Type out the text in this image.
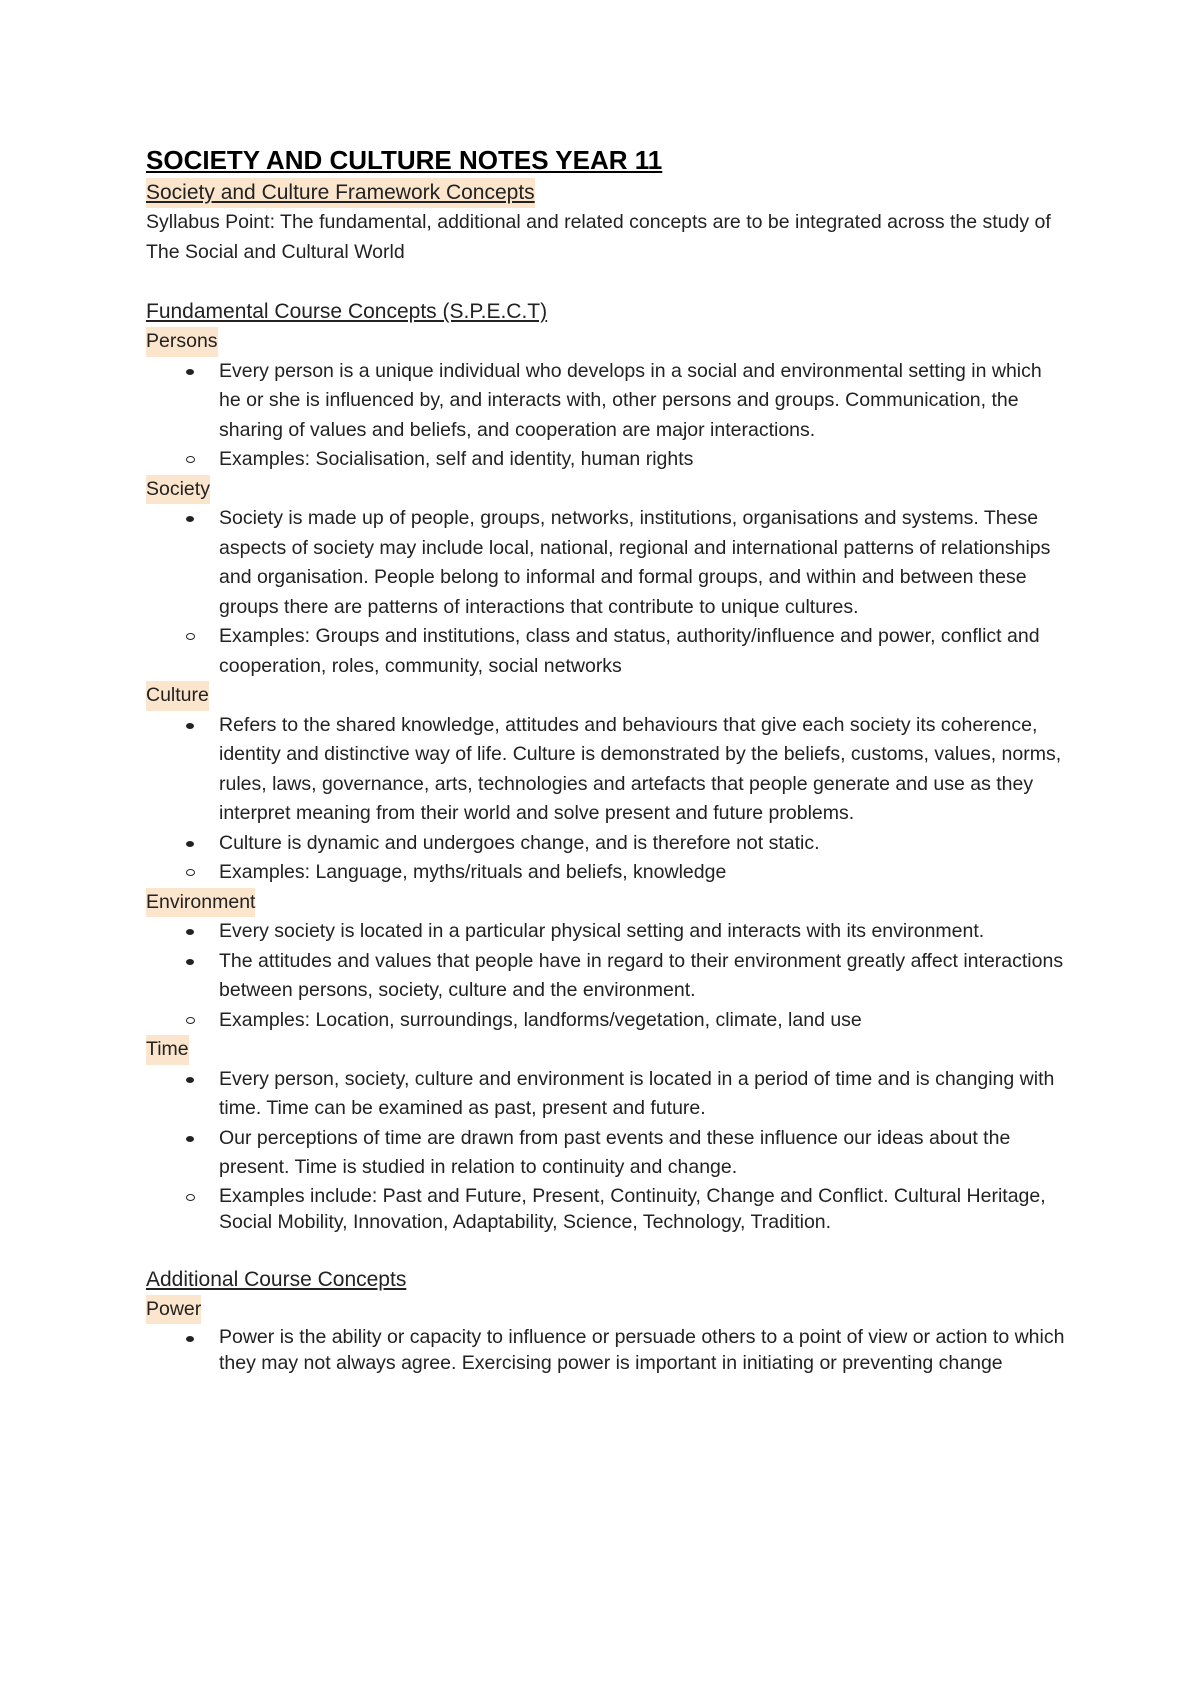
SOCIETY AND CULTURE NOTES YEAR 11

Society and Culture Framework Concepts

Syllabus Point: The fundamental, additional and related concepts are to be integrated across the study of The Social and Cultural World

Fundamental Course Concepts (S.P.E.C.T)

Persons
Every person is a unique individual who develops in a social and environmental setting in which he or she is influenced by, and interacts with, other persons and groups. Communication, the sharing of values and beliefs, and cooperation are major interactions.
Examples: Socialisation, self and identity, human rights
Society
Society is made up of people, groups, networks, institutions, organisations and systems. These aspects of society may include local, national, regional and international patterns of relationships and organisation. People belong to informal and formal groups, and within and between these groups there are patterns of interactions that contribute to unique cultures.
Examples: Groups and institutions, class and status, authority/influence and power, conflict and cooperation, roles, community, social networks
Culture
Refers to the shared knowledge, attitudes and behaviours that give each society its coherence, identity and distinctive way of life. Culture is demonstrated by the beliefs, customs, values, norms, rules, laws, governance, arts, technologies and artefacts that people generate and use as they interpret meaning from their world and solve present and future problems.
Culture is dynamic and undergoes change, and is therefore not static.
Examples: Language, myths/rituals and beliefs, knowledge
Environment
Every society is located in a particular physical setting and interacts with its environment.
The attitudes and values that people have in regard to their environment greatly affect interactions between persons, society, culture and the environment.
Examples: Location, surroundings, landforms/vegetation, climate, land use
Time
Every person, society, culture and environment is located in a period of time and is changing with time. Time can be examined as past, present and future.
Our perceptions of time are drawn from past events and these influence our ideas about the present. Time is studied in relation to continuity and change.
Examples include: Past and Future, Present, Continuity, Change and Conflict. Cultural Heritage, Social Mobility, Innovation, Adaptability, Science, Technology, Tradition.

Additional Course Concepts

Power
Power is the ability or capacity to influence or persuade others to a point of view or action to which they may not always agree. Exercising power is important in initiating or preventing change
